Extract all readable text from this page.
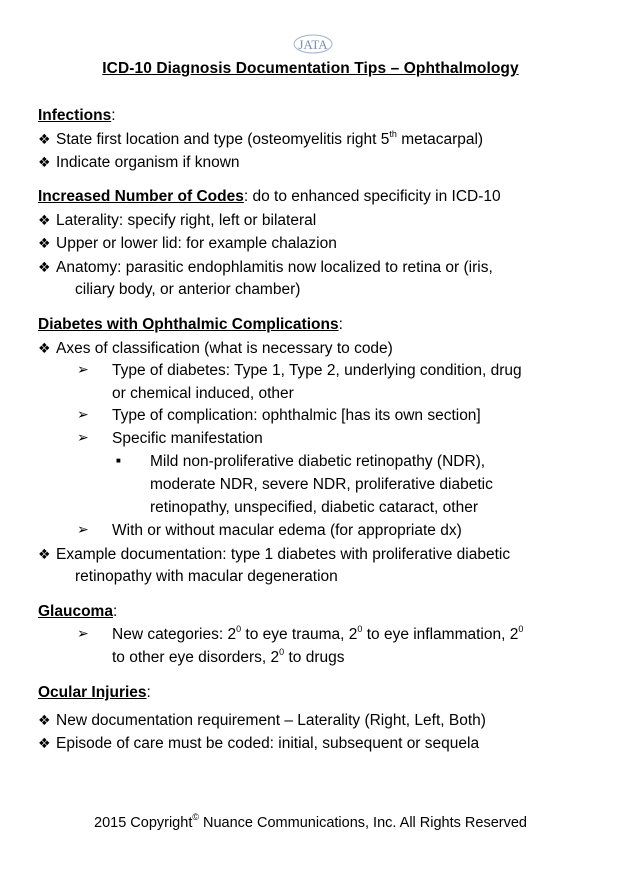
JATA
ICD-10 Diagnosis Documentation Tips – Ophthalmology
Infections:
❖ State first location and type (osteomyelitis right 5th metacarpal)
❖ Indicate organism if known
Increased Number of Codes: do to enhanced specificity in ICD-10
❖ Laterality: specify right, left or bilateral
❖ Upper or lower lid: for example chalazion
❖ Anatomy: parasitic endophlamitis now localized to retina or (iris,
ciliary body, or anterior chamber)
Diabetes with Ophthalmic Complications:
❖ Axes of classification (what is necessary to code)
➢ Type of diabetes: Type 1, Type 2, underlying condition, drug
or chemical induced, other
➢ Type of complication: ophthalmic [has its own section]
➢ Specific manifestation
■ Mild non-proliferative diabetic retinopathy (NDR),
moderate NDR, severe NDR, proliferative diabetic
retinopathy, unspecified, diabetic cataract, other
➢ With or without macular edema (for appropriate dx)
❖ Example documentation: type 1 diabetes with proliferative diabetic
retinopathy with macular degeneration
Glaucoma:
➢ New categories: $2^0$ to eye trauma, $2^0$ to eye inflammation, $2^0$
to other eye disorders, $2^0$ to drugs
Ocular Injuries:
❖ New documentation requirement – Laterality (Right, Left, Both)
❖ Episode of care must be coded: initial, subsequent or sequela
2015 Copyright© Nuance Communications, Inc. All Rights Reserved
